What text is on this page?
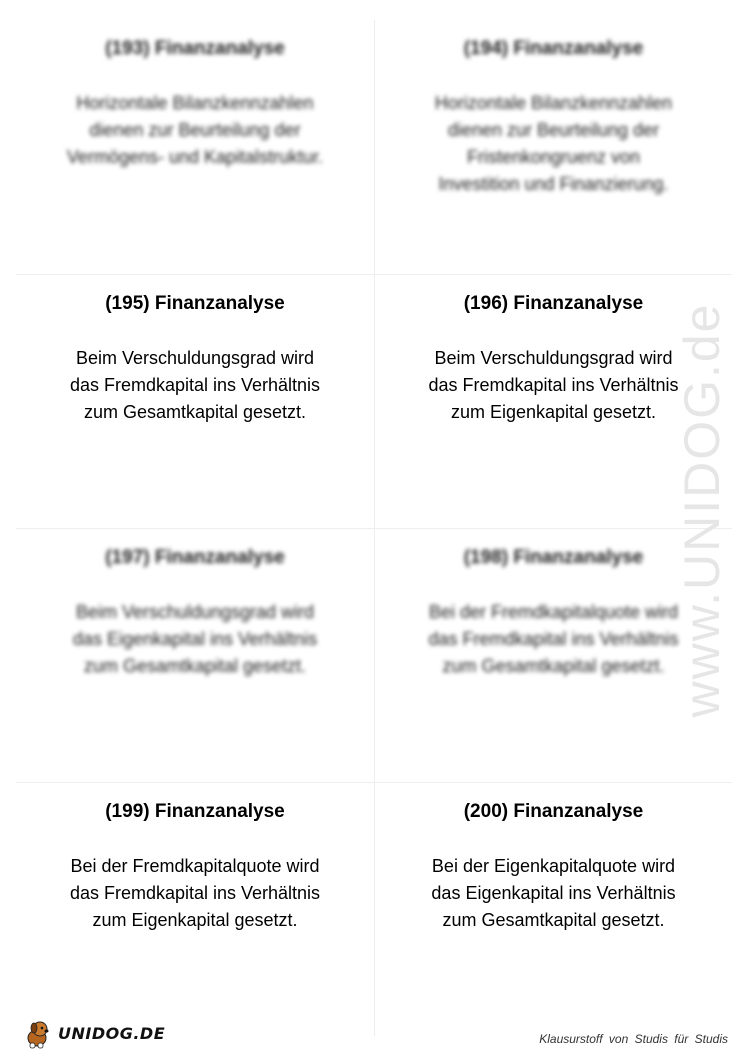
(193) Finanzanalyse
Horizontale Bilanzkennzahlen
dienen zur Beurteilung der
Vermögens- und Kapitalstruktur.
(194) Finanzanalyse
Horizontale Bilanzkennzahlen
dienen zur Beurteilung der
Fristenkongruenz von
Investition und Finanzierung.
(195) Finanzanalyse
Beim Verschuldungsgrad wird
das Fremdkapital ins Verhältnis
zum Gesamtkapital gesetzt.
(196) Finanzanalyse
Beim Verschuldungsgrad wird
das Fremdkapital ins Verhältnis
zum Eigenkapital gesetzt.
(197) Finanzanalyse
Beim Verschuldungsgrad wird
das Eigenkapital ins Verhältnis
zum Gesamtkapital gesetzt.
(198) Finanzanalyse
Bei der Fremdkapitalquote wird
das Fremdkapital ins Verhältnis
zum Gesamtkapital gesetzt.
(199) Finanzanalyse
Bei der Fremdkapitalquote wird
das Fremdkapital ins Verhältnis
zum Eigenkapital gesetzt.
(200) Finanzanalyse
Bei der Eigenkapitalquote wird
das Eigenkapital ins Verhältnis
zum Gesamtkapital gesetzt.
www.UNIDOG.de
UNIDOG.DE	Klausurstoff von Studis für Studis
